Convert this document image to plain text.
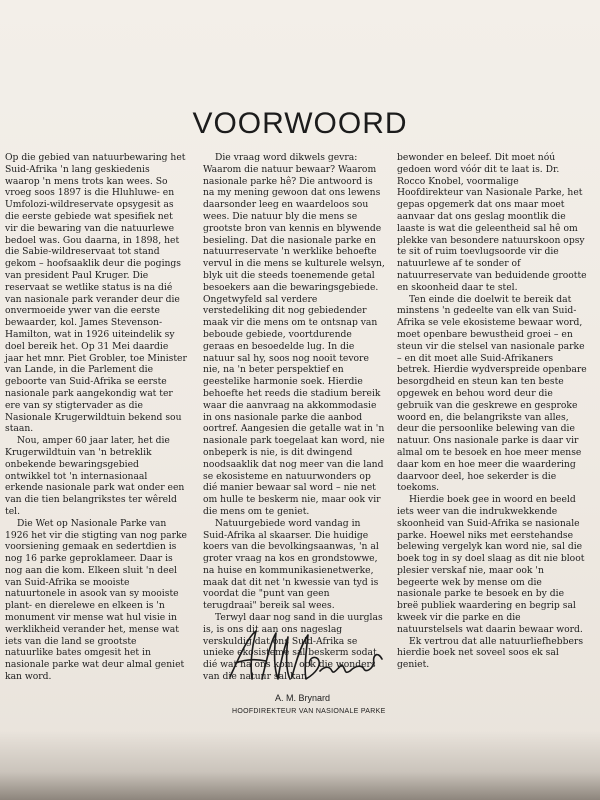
VOORWOORD

Op die gebied van natuurbewaring het Suid-Afrika 'n lang geskiedenis waarop 'n mens trots kan wees. So vroeg soos 1897 is die Hluhluwe- en Umfolozi-wildreservate opsygesit as die eerste gebiede wat spesifiek net vir die bewaring van die natuurlewe bedoel was. Gou daarna, in 1898, het die Sabie-wildreservaat tot stand gekom – hoofsaaklik deur die pogings van president Paul Kruger. Die reservaat se wetlike status is na dié van nasionale park verander deur die onvermoeide ywer van die eerste bewaarder, kol. James Stevenson-Hamilton, wat in 1926 uiteindelik sy doel bereik het. Op 31 Mei daardie jaar het mnr. Piet Grobler, toe Minister van Lande, in die Parlement die geboorte van Suid-Afrika se eerste nasionale park aangekondig wat ter ere van sy stigtervader as die Nasionale Krugerwildtuin bekend sou staan.

Nou, amper 60 jaar later, het die Krugerwildtuin van 'n betreklik onbekende bewaringsgebied ontwikkel tot 'n internasionaal erkende nasionale park wat onder een van die tien belangrikstes ter wêreld tel.

Die Wet op Nasionale Parke van 1926 het vir die stigting van nog parke voorsiening gemaak en sedertdien is nog 16 parke geproklameer. Daar is nog aan die kom. Elkeen sluit 'n deel van Suid-Afrika se mooiste natuurtonele in asook van sy mooiste plant- en dierelewe en elkeen is 'n monument vir mense wat hul visie in werklikheid verander het, mense wat iets van die land se grootste natuurlike bates omgesit het in nasionale parke wat deur almal geniet kan word.

Die vraag word dikwels gevra: Waarom die natuur bewaar? Waarom nasionale parke hê? Die antwoord is na my mening gewoon dat ons lewens daarsonder leeg en waardeloos sou wees. Die natuur bly die mens se grootste bron van kennis en blywende besieling. Dat die nasionale parke en natuurreservate 'n werklike behoefte vervul in die mens se kulturele welsyn, blyk uit die steeds toenemende getal besoekers aan die bewaringsgebiede. Ongetwyfeld sal verdere verstedeliking dit nog gebiedender maak vir die mens om te ontsnap van beboude gebiede, voortdurende geraas en besoedelde lug. In die natuur sal hy, soos nog nooit tevore nie, na 'n beter perspektief en geestelike harmonie soek. Hierdie behoefte het reeds die stadium bereik waar die aanvraag na akkommodasie in ons nasionale parke die aanbod oortref. Aangesien die getalle wat in 'n nasionale park toegelaat kan word, nie onbeperk is nie, is dit dwingend noodsaaklik dat nog meer van die land se ekosisteme en natuurwonders op dié manier bewaar sal word – nie net om hulle te beskerm nie, maar ook vir die mens om te geniet.

Natuurgebiede word vandag in Suid-Afrika al skaarser. Die huidige koers van die bevolkingsaanwas, 'n al groter vraag na kos en grondstowwe, na huise en kommunikasienetwerke, maak dat dit net 'n kwessie van tyd is voordat die "punt van geen terugdraai" bereik sal wees.

Terwyl daar nog sand in die uurglas is, is ons dit aan ons nageslag verskuldig dat ons Suid-Afrika se unieke ekosisteme sal beskerm sodat dié wat na ons kom, ook die wonders van die natuur sal kan

bewonder en beleef. Dit moet nóú gedoen word vóór dit te laat is. Dr. Rocco Knobel, voormalige Hoofdirekteur van Nasionale Parke, het gepas opgemerk dat ons maar moet aanvaar dat ons geslag moontlik die laaste is wat die geleentheid sal hê om plekke van besondere natuurskoon opsy te sit of ruim toevlugsoorde vir die natuurlewe af te sonder of natuurreservate van beduidende grootte en skoonheid daar te stel.

Ten einde die doelwit te bereik dat minstens 'n gedeelte van elk van Suid-Afrika se vele ekosisteme bewaar word, moet openbare bewustheid groei – en steun vir die stelsel van nasionale parke – en dit moet alle Suid-Afrikaners betrek. Hierdie wydverspreide openbare besorgdheid en steun kan ten beste opgewek en behou word deur die gebruik van die geskrewe en gesproke woord en, die belangrikste van alles, deur die persoonlike belewing van die natuur. Ons nasionale parke is daar vir almal om te besoek en hoe meer mense daar kom en hoe meer die waardering daarvoor deel, hoe sekerder is die toekoms.

Hierdie boek gee in woord en beeld iets weer van die indrukwekkende skoonheid van Suid-Afrika se nasionale parke. Hoewel niks met eerstehandse belewing vergelyk kan word nie, sal die boek tog in sy doel slaag as dit nie bloot plesier verskaf nie, maar ook 'n begeerte wek by mense om die nasionale parke te besoek en by die breë publiek waardering en begrip sal kweek vir die parke en die natuurstelsels wat daarin bewaar word.

Ek vertrou dat alle natuurliefhebbers hierdie boek net soveel soos ek sal geniet.

A. M. Brynard
HOOFDIREKTEUR VAN NASIONALE PARKE
